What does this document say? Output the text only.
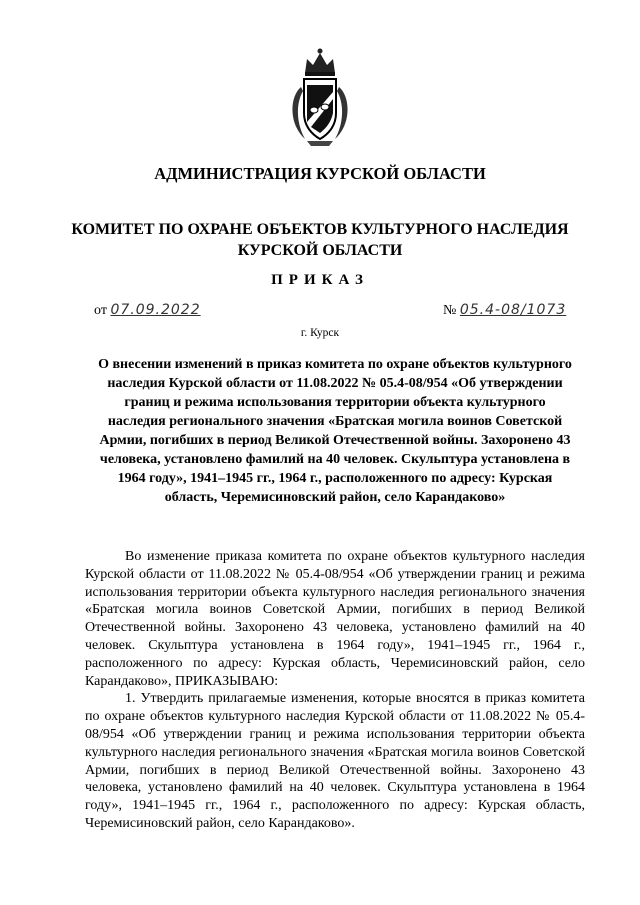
АДМИНИСТРАЦИЯ КУРСКОЙ ОБЛАСТИ
КОМИТЕТ ПО ОХРАНЕ ОБЪЕКТОВ КУЛЬТУРНОГО НАСЛЕДИЯ
КУРСКОЙ ОБЛАСТИ
ПРИКАЗ
от 07.09.2022	№ 05.4-08/1073
г. Курск
О внесении изменений в приказ комитета по охране объектов культурного наследия Курской области от 11.08.2022 № 05.4-08/954 «Об утверждении границ и режима использования территории объекта культурного наследия регионального значения «Братская могила воинов Советской Армии, погибших в период Великой Отечественной войны. Захоронено 43 человека, установлено фамилий на 40 человек. Скульптура установлена в 1964 году», 1941–1945 гг., 1964 г., расположенного по адресу: Курская область, Черемисиновский район, село Карандаково»

Во изменение приказа комитета по охране объектов культурного наследия Курской области от 11.08.2022 № 05.4-08/954 «Об утверждении границ и режима использования территории объекта культурного наследия регионального значения «Братская могила воинов Советской Армии, погибших в период Великой Отечественной войны. Захоронено 43 человека, установлено фамилий на 40 человек. Скульптура установлена в 1964 году», 1941–1945 гг., 1964 г., расположенного по адресу: Курская область, Черемисиновский район, село Карандаково», ПРИКАЗЫВАЮ:

1. Утвердить прилагаемые изменения, которые вносятся в приказ комитета по охране объектов культурного наследия Курской области от 11.08.2022 № 05.4-08/954 «Об утверждении границ и режима использования территории объекта культурного наследия регионального значения «Братская могила воинов Советской Армии, погибших в период Великой Отечественной войны. Захоронено 43 человека, установлено фамилий на 40 человек. Скульптура установлена в 1964 году», 1941–1945 гг., 1964 г., расположенного по адресу: Курская область, Черемисиновский район, село Карандаково».
